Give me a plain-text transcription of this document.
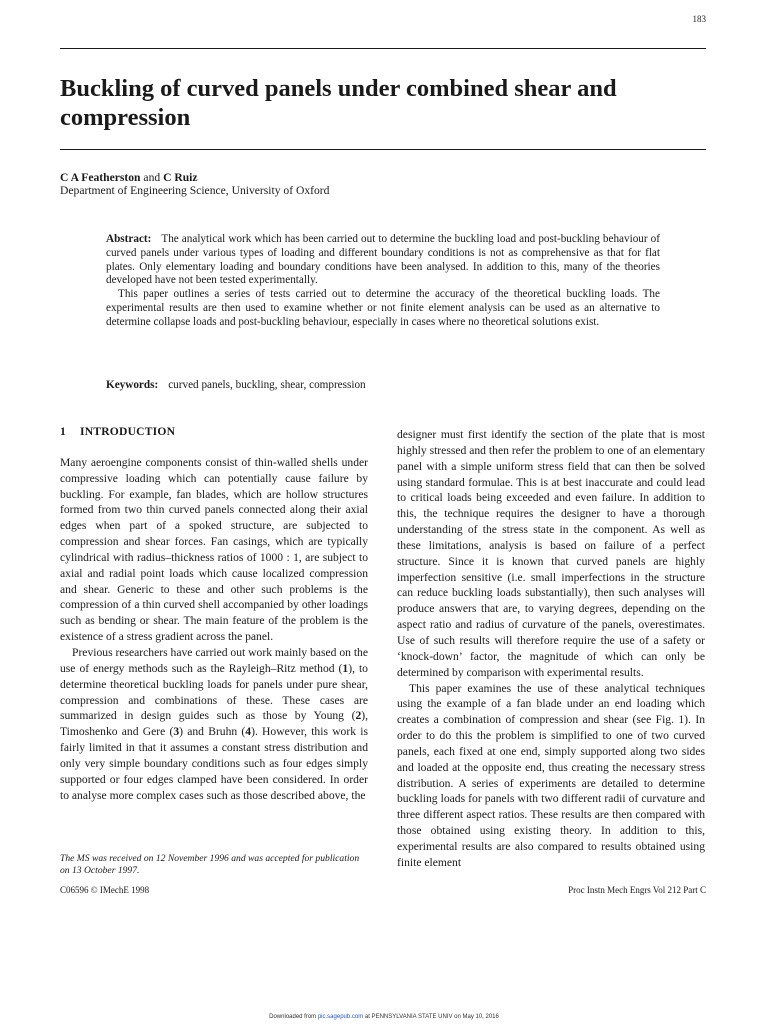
183
Buckling of curved panels under combined shear and compression
C A Featherston and C Ruiz
Department of Engineering Science, University of Oxford

Abstract: The analytical work which has been carried out to determine the buckling load and post-buckling behaviour of curved panels under various types of loading and different boundary conditions is not as comprehensive as that for flat plates. Only elementary loading and boundary conditions have been analysed. In addition to this, many of the theories developed have not been tested experimentally.

This paper outlines a series of tests carried out to determine the accuracy of the theoretical buckling loads. The experimental results are then used to examine whether or not finite element analysis can be used as an alternative to determine collapse loads and post-buckling behaviour, especially in cases where no theoretical solutions exist.

Keywords: curved panels, buckling, shear, compression

1 INTRODUCTION

Many aeroengine components consist of thin-walled shells under compressive loading which can potentially cause failure by buckling. For example, fan blades, which are hollow structures formed from two thin curved panels connected along their axial edges when part of a spoked structure, are subjected to compression and shear forces. Fan casings, which are typically cylindrical with radius–thickness ratios of 1000 : 1, are subject to axial and radial point loads which cause localized compression and shear. Generic to these and other such problems is the compression of a thin curved shell accompanied by other loadings such as bending or shear. The main feature of the problem is the existence of a stress gradient across the panel.

Previous researchers have carried out work mainly based on the use of energy methods such as the Rayleigh–Ritz method (1), to determine theoretical buckling loads for panels under pure shear, compression and combinations of these. These cases are summarized in design guides such as those by Young (2), Timoshenko and Gere (3) and Bruhn (4). However, this work is fairly limited in that it assumes a constant stress distribution and only very simple boundary conditions such as four edges simply supported or four edges clamped have been considered. In order to analyse more complex cases such as those described above, the

designer must first identify the section of the plate that is most highly stressed and then refer the problem to one of an elementary panel with a simple uniform stress field that can then be solved using standard formulae. This is at best inaccurate and could lead to critical loads being exceeded and even failure. In addition to this, the technique requires the designer to have a thorough understanding of the stress state in the component. As well as these limitations, analysis is based on failure of a perfect structure. Since it is known that curved panels are highly imperfection sensitive (i.e. small imperfections in the structure can reduce buckling loads substantially), then such analyses will produce answers that are, to varying degrees, depending on the aspect ratio and radius of curvature of the panels, overestimates. Use of such results will therefore require the use of a safety or ‘knock-down’ factor, the magnitude of which can only be determined by comparison with experimental results.

This paper examines the use of these analytical techniques using the example of a fan blade under an end loading which creates a combination of compression and shear (see Fig. 1). In order to do this the problem is simplified to one of two curved panels, each fixed at one end, simply supported along two sides and loaded at the opposite end, thus creating the necessary stress distribution. A series of experiments are detailed to determine buckling loads for panels with two different radii of curvature and three different aspect ratios. These results are then compared with those obtained using existing theory. In addition to this, experimental results are also compared to results obtained using finite element

The MS was received on 12 November 1996 and was accepted for publication on 13 October 1997.
C06596 © IMechE 1998	Proc Instn Mech Engrs Vol 212 Part C
Downloaded from pic.sagepub.com at PENNSYLVANIA STATE UNIV on May 10, 2016
